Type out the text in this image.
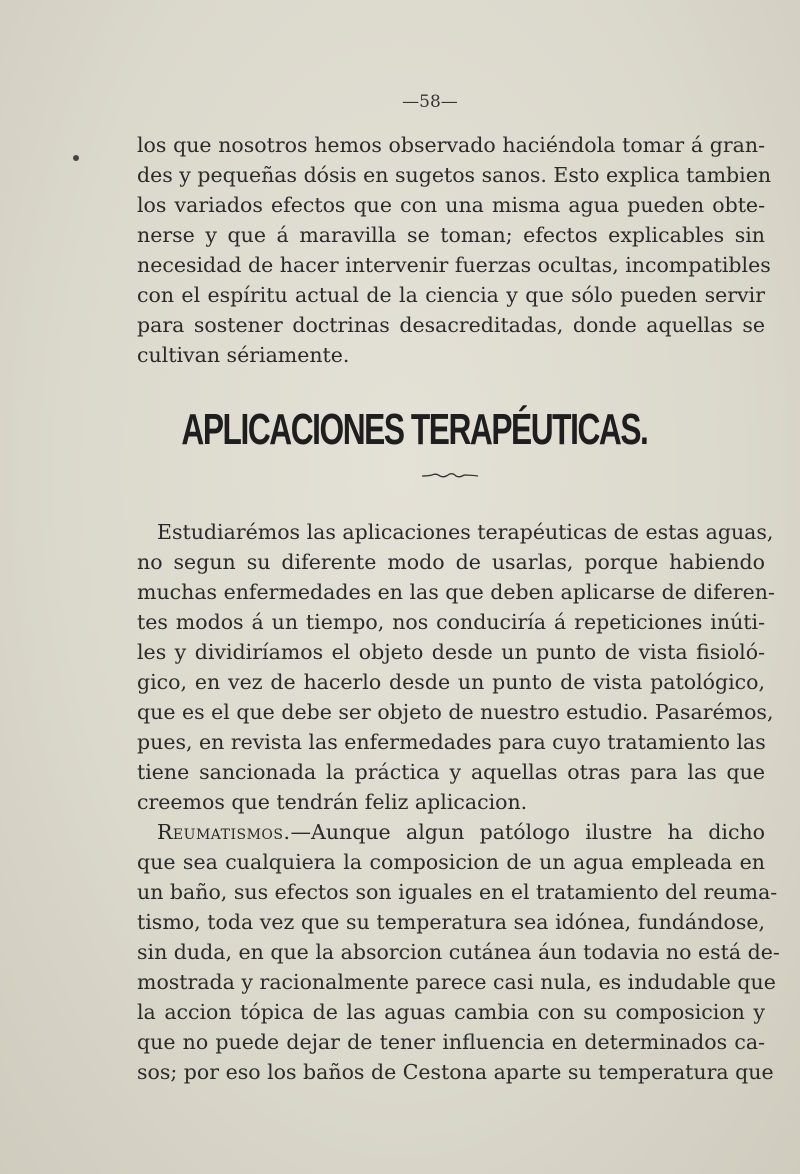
—58—
los que nosotros hemos observado haciéndola tomar á gran-
des y pequeñas dósis en sugetos sanos. Esto explica tambien
los variados efectos que con una misma agua pueden obte-
nerse y que á maravilla se toman; efectos explicables sin
necesidad de hacer intervenir fuerzas ocultas, incompatibles
con el espíritu actual de la ciencia y que sólo pueden servir
para sostener doctrinas desacreditadas, donde aquellas se
cultivan sériamente.
APLICACIONES TERAPÉUTICAS.
Estudiarémos las aplicaciones terapéuticas de estas aguas,
no segun su diferente modo de usarlas, porque habiendo
muchas enfermedades en las que deben aplicarse de diferen-
tes modos á un tiempo, nos conduciría á repeticiones inúti-
les y dividiríamos el objeto desde un punto de vista fisioló-
gico, en vez de hacerlo desde un punto de vista patológico,
que es el que debe ser objeto de nuestro estudio. Pasarémos,
pues, en revista las enfermedades para cuyo tratamiento las
tiene sancionada la práctica y aquellas otras para las que
creemos que tendrán feliz aplicacion.
Reumatismos.—Aunque algun patólogo ilustre ha dicho
que sea cualquiera la composicion de un agua empleada en
un baño, sus efectos son iguales en el tratamiento del reuma-
tismo, toda vez que su temperatura sea idónea, fundándose,
sin duda, en que la absorcion cutánea áun todavia no está de-
mostrada y racionalmente parece casi nula, es indudable que
la accion tópica de las aguas cambia con su composicion y
que no puede dejar de tener influencia en determinados ca-
sos; por eso los baños de Cestona aparte su temperatura que
